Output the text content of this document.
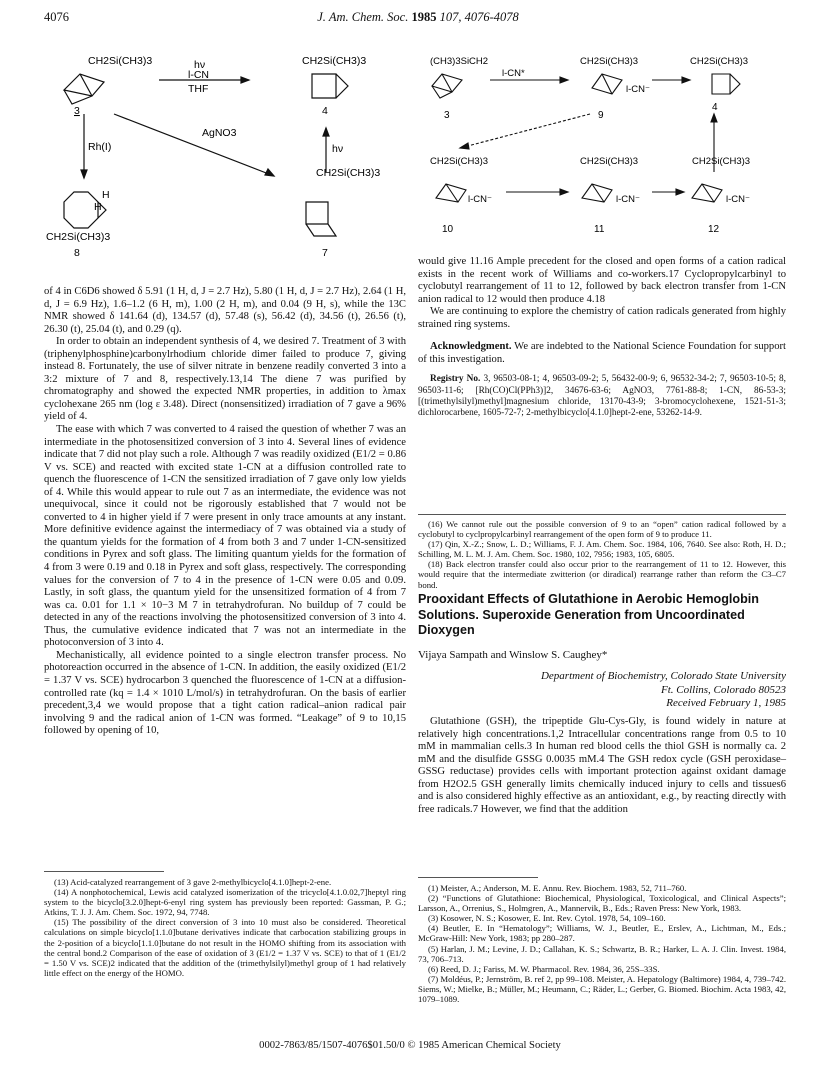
4076	J. Am. Chem. Soc. 1985 107, 4076-4078
CH2Si(CH3)3	hν
l-CN
THF
CH2Si(CH3)3
3	4
Rh(I)
AgNO3
hν
CH2Si(CH3)3
H
H
CH2Si(CH3)3
8	7
(CH3)3SiCH2
l-CN*
CH2Si(CH3)3
l-CN⁻
CH2Si(CH3)3
3	9
4
CH2Si(CH3)3	CH2Si(CH3)3	CH2Si(CH3)3
l-CN⁻	l-CN⁻	l-CN⁻
10	11	12

of 4 in C6D6 showed δ 5.91 (1 H, d, J = 2.7 Hz), 5.80 (1 H, d, J = 2.7 Hz), 2.64 (1 H, d, J = 6.9 Hz), 1.6–1.2 (6 H, m), 1.00 (2 H, m), and 0.04 (9 H, s), while the 13C NMR showed δ 141.64 (d), 134.57 (d), 57.48 (s), 56.42 (d), 34.56 (t), 26.56 (t), 26.30 (t), 25.04 (t), and 0.29 (q).

In order to obtain an independent synthesis of 4, we desired 7. Treatment of 3 with (triphenylphosphine)carbonylrhodium chloride dimer failed to produce 7, giving instead 8. Fortunately, the use of silver nitrate in benzene readily converted 3 into a 3:2 mixture of 7 and 8, respectively.13,14 The diene 7 was purified by chromatography and showed the expected NMR properties, in addition to λmax cyclohexane 265 nm (log ε 3.48). Direct (nonsensitized) irradiation of 7 gave a 96% yield of 4.

The ease with which 7 was converted to 4 raised the question of whether 7 was an intermediate in the photosensitized conversion of 3 into 4. Several lines of evidence indicate that 7 did not play such a role. Although 7 was readily oxidized (E1/2 = 0.86 V vs. SCE) and reacted with excited state 1-CN at a diffusion controlled rate to quench the fluorescence of 1-CN the sensitized irradiation of 7 gave only low yields of 4. While this would appear to rule out 7 as an intermediate, the evidence was not unequivocal, since it could not be rigorously established that 7 would not be converted to 4 in higher yield if 7 were present in only trace amounts at any instant. More definitive evidence against the intermediacy of 7 was obtained via a study of the quantum yields for the formation of 4 from both 3 and 7 under 1-CN-sensitized conditions in Pyrex and soft glass. The limiting quantum yields for the formation of 4 from 3 were 0.19 and 0.18 in Pyrex and soft glass, respectively. The corresponding values for the conversion of 7 to 4 in the presence of 1-CN were 0.05 and 0.09. Lastly, in soft glass, the quantum yield for the unsensitized formation of 4 from 7 was ca. 0.01 for 1.1 × 10−3 M 7 in tetrahydrofuran. No buildup of 7 could be detected in any of the reactions involving the photosensitized conversion of 3 into 4. Thus, the cumulative evidence indicated that 7 was not an intermediate in the photoconversion of 3 into 4.

Mechanistically, all evidence pointed to a single electron transfer process. No photoreaction occurred in the absence of 1-CN. In addition, the easily oxidized (E1/2 = 1.37 V vs. SCE) hydrocarbon 3 quenched the fluorescence of 1-CN at a diffusion-controlled rate (kq = 1.4 × 1010 L/mol/s) in tetrahydrofuran. On the basis of earlier precedent,3,4 we would propose that a tight cation radical–anion radical pair involving 9 and the radical anion of 1-CN was formed. “Leakage” of 9 to 10,15 followed by opening of 10,

(13) Acid-catalyzed rearrangement of 3 gave 2-methylbicyclo[4.1.0]hept-2-ene.

(14) A nonphotochemical, Lewis acid catalyzed isomerization of the tricyclo[4.1.0.02,7]heptyl ring system to the bicyclo[3.2.0]hept-6-enyl ring system has previously been reported: Gassman, P. G.; Atkins, T. J. J. Am. Chem. Soc. 1972, 94, 7748.

(15) The possibility of the direct conversion of 3 into 10 must also be considered. Theoretical calculations on simple bicyclo[1.1.0]butane derivatives indicate that carbocation stabilizing groups in the 2-position of a bicyclo[1.1.0]butane do not result in the HOMO shifting from its association with the central bond.2 Comparison of the ease of oxidation of 3 (E1/2 = 1.37 V vs. SCE) to that of 1 (E1/2 = 1.50 V vs. SCE)2 indicated that the addition of the (trimethylsilyl)methyl group of 1 had relatively little effect on the energy of the HOMO.

would give 11.16 Ample precedent for the closed and open forms of a cation radical exists in the recent work of Williams and co-workers.17 Cyclopropylcarbinyl to cyclobutyl rearrangement of 11 to 12, followed by back electron transfer from 1-CN anion radical to 12 would then produce 4.18

We are continuing to explore the chemistry of cation radicals generated from highly strained ring systems.

Acknowledgment. We are indebted to the National Science Foundation for support of this investigation.

Registry No. 3, 96503-08-1; 4, 96503-09-2; 5, 56432-00-9; 6, 96532-34-2; 7, 96503-10-5; 8, 96503-11-6; [Rh(CO)Cl(PPh3)]2, 34676-63-6; AgNO3, 7761-88-8; 1-CN, 86-53-3; [(trimethylsilyl)methyl]magnesium chloride, 13170-43-9; 3-bromocyclohexene, 1521-51-3; dichlorocarbene, 1605-72-7; 2-methylbicyclo[4.1.0]hept-2-ene, 53262-14-9.

(16) We cannot rule out the possible conversion of 9 to an “open” cation radical followed by a cyclobutyl to cyclpropylcarbinyl rearrangement of the open form of 9 to produce 11.

(17) Qin, X.-Z.; Snow, L. D.; Williams, F. J. Am. Chem. Soc. 1984, 106, 7640. See also: Roth, H. D.; Schilling, M. L. M. J. Am. Chem. Soc. 1980, 102, 7956; 1983, 105, 6805.

(18) Back electron transfer could also occur prior to the rearrangement of 11 to 12. However, this would require that the intermediate zwitterion (or diradical) rearrange rather than reform the C3–C7 bond.

Prooxidant Effects of Glutathione in Aerobic Hemoglobin Solutions. Superoxide Generation from Uncoordinated Dioxygen
Vijaya Sampath and Winslow S. Caughey*
Department of Biochemistry, Colorado State University
Ft. Collins, Colorado 80523
Received February 1, 1985

Glutathione (GSH), the tripeptide Glu-Cys-Gly, is found widely in nature at relatively high concentrations.1,2 Intracellular concentrations range from 0.5 to 10 mM in mammalian cells.3 In human red blood cells the thiol GSH is normally ca. 2 mM and the disulfide GSSG 0.0035 mM.4 The GSH redox cycle (GSH peroxidase–GSSG reductase) provides cells with important protection against oxidant damage from H2O2.5 GSH generally limits chemically induced injury to cells and tissues6 and is also considered highly effective as an antioxidant, e.g., by reacting directly with free radicals.7 However, we find that the addition

(1) Meister, A.; Anderson, M. E. Annu. Rev. Biochem. 1983, 52, 711–760.

(2) “Functions of Glutathione: Biochemical, Physiological, Toxicological, and Clinical Aspects”; Larsson, A., Orrenius, S., Holmgren, A., Mannervik, B., Eds.; Raven Press: New York, 1983.

(3) Kosower, N. S.; Kosower, E. Int. Rev. Cytol. 1978, 54, 109–160.

(4) Beutler, E. In “Hematology”; Williams, W. J., Beutler, E., Erslev, A., Lichtman, M., Eds.; McGraw-Hill: New York, 1983; pp 280–287.

(5) Harlan, J. M.; Levine, J. D.; Callahan, K. S.; Schwartz, B. R.; Harker, L. A. J. Clin. Invest. 1984, 73, 706–713.

(6) Reed, D. J.; Fariss, M. W. Pharmacol. Rev. 1984, 36, 25S–33S.

(7) Moldéus, P.; Jernström, B. ref 2, pp 99–108. Meister, A. Hepatology (Baltimore) 1984, 4, 739–742. Siems, W.; Mielke, B.; Müller, M.; Heumann, C.; Räder, L.; Gerber, G. Biomed. Biochim. Acta 1983, 42, 1079–1089.

0002-7863/85/1507-4076$01.50/0 © 1985 American Chemical Society
